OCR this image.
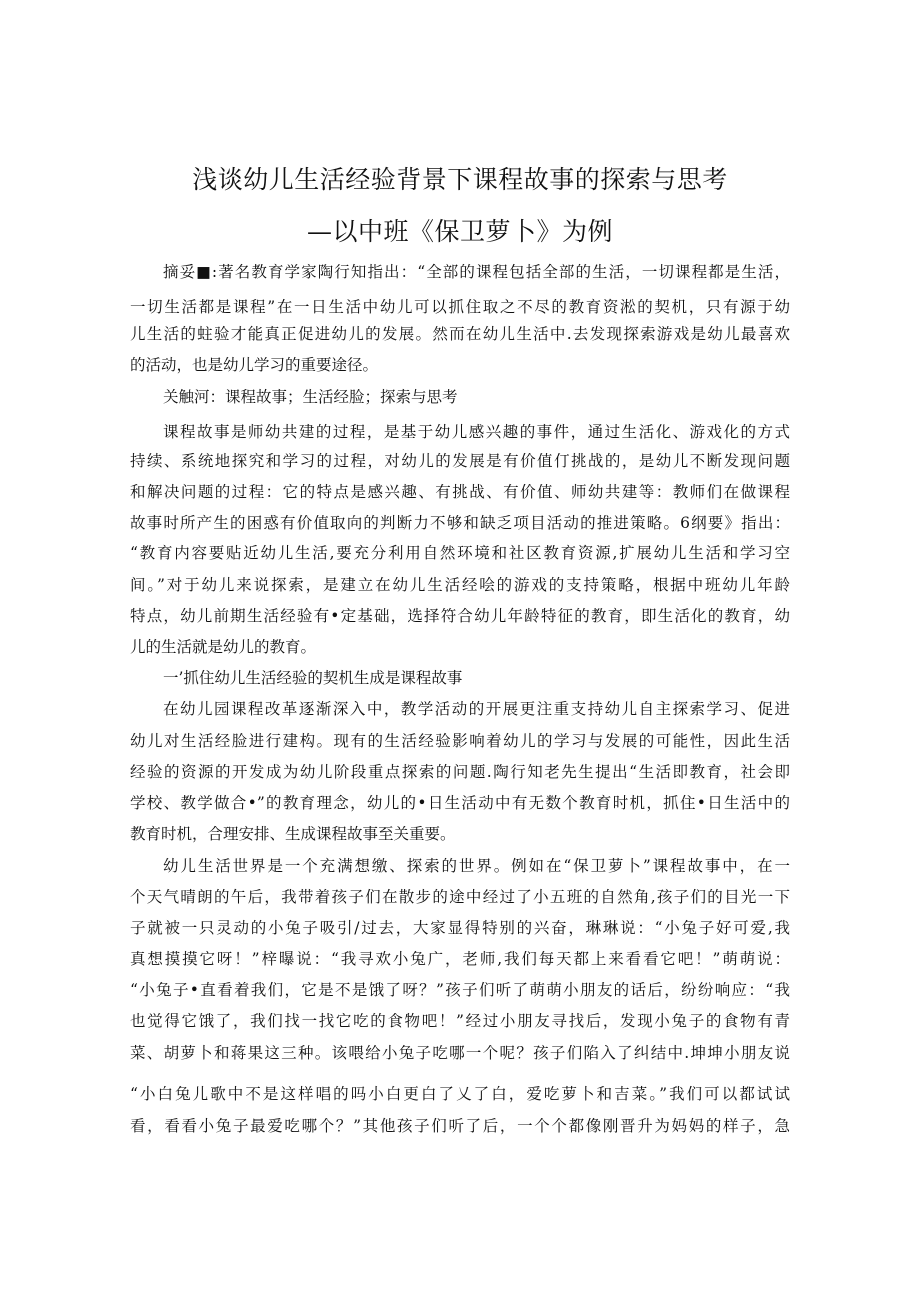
浅谈幼儿生活经验背景下课程故事的探索与思考
—以中班《保卫萝卜》为例
摘妥■:著名教育学家陶行知指出：“全部的课程包括全部的生活，一切课程都是生活，
一切生活都是课程”在一日生活中幼儿可以抓住取之不尽的教育资淞的契机，只有源于幼
儿生活的蛀验才能真正促进幼儿的发展。然而在幼儿生活中.去发现探索游戏是幼儿最喜欢
的活动，也是幼儿学习的重要途径。
关触河：课程故事；生活经脸；探索与思考
课程故事是师幼共建的过程，是基于幼儿感兴趣的事件，通过生活化、游戏化的方式
持续、系统地探究和学习的过程，对幼儿的发展是有价值仃挑战的，是幼儿不断发现问题
和解决问题的过程：它的特点是感兴趣、有挑战、有价值、师幼共建等：教师们在做课程
故事时所产生的困惑有价值取向的判断力不够和缺乏项目活动的推进策略。6纲要》指出：
“教育内容要贴近幼儿生活,要充分利用自然环境和社区教育资源,扩展幼儿生活和学习空
间。”对于幼儿来说探索，是建立在幼儿生活经哙的游戏的支持策略，根据中班幼儿年龄
特点，幼儿前期生活经验有•定基础，选择符合幼儿年龄特征的教育，即生活化的教育，幼
儿的生活就是幼儿的教育。
一’抓住幼儿生活经验的契机生成是课程故事
在幼儿园课程改革逐渐深入中，教学活动的开展更注重支持幼儿自主探索学习、促进
幼儿对生活经脸进行建构。现有的生活经验影响着幼儿的学习与发展的可能性，因此生活
经验的资源的开发成为幼儿阶段重点探索的问题.陶行知老先生提出“生活即教育，社会即
学校、教学做合•”的教育理念，幼儿的•日生活动中有无数个教育时机，抓住•日生活中的
教育时机，合理安排、生成课程故事至关重要。
幼儿生活世界是一个充满想缴、探索的世界。例如在“保卫萝卜”课程故事中，在一
个天气晴朗的午后，我带着孩子们在散步的途中经过了小五班的自然角,孩子们的目光一下
子就被一只灵动的小兔子吸引/过去，大家显得特别的兴奋，琳琳说：“小兔子好可爱,我
真想摸摸它呀！”梓曝说：“我寻欢小兔广，老师,我们每天都上来看看它吧！”萌萌说：
“小兔子•直看着我们，它是不是饿了呀？”孩子们听了萌萌小朋友的话后，纷纷响应：“我
也觉得它饿了，我们找一找它吃的食物吧！”经过小朋友寻找后，发现小兔子的食物有青
菜、胡萝卜和蒋果这三种。该喂给小兔子吃哪一个呢？孩子们陷入了纠结中.坤坤小朋友说
“小白兔儿歌中不是这样唱的吗小白更白了乂了白，爱吃萝卜和吉菜。”我们可以都试试
看，看看小兔子最爱吃哪个？”其他孩子们听了后，一个个都像刚晋升为妈妈的样子，急
